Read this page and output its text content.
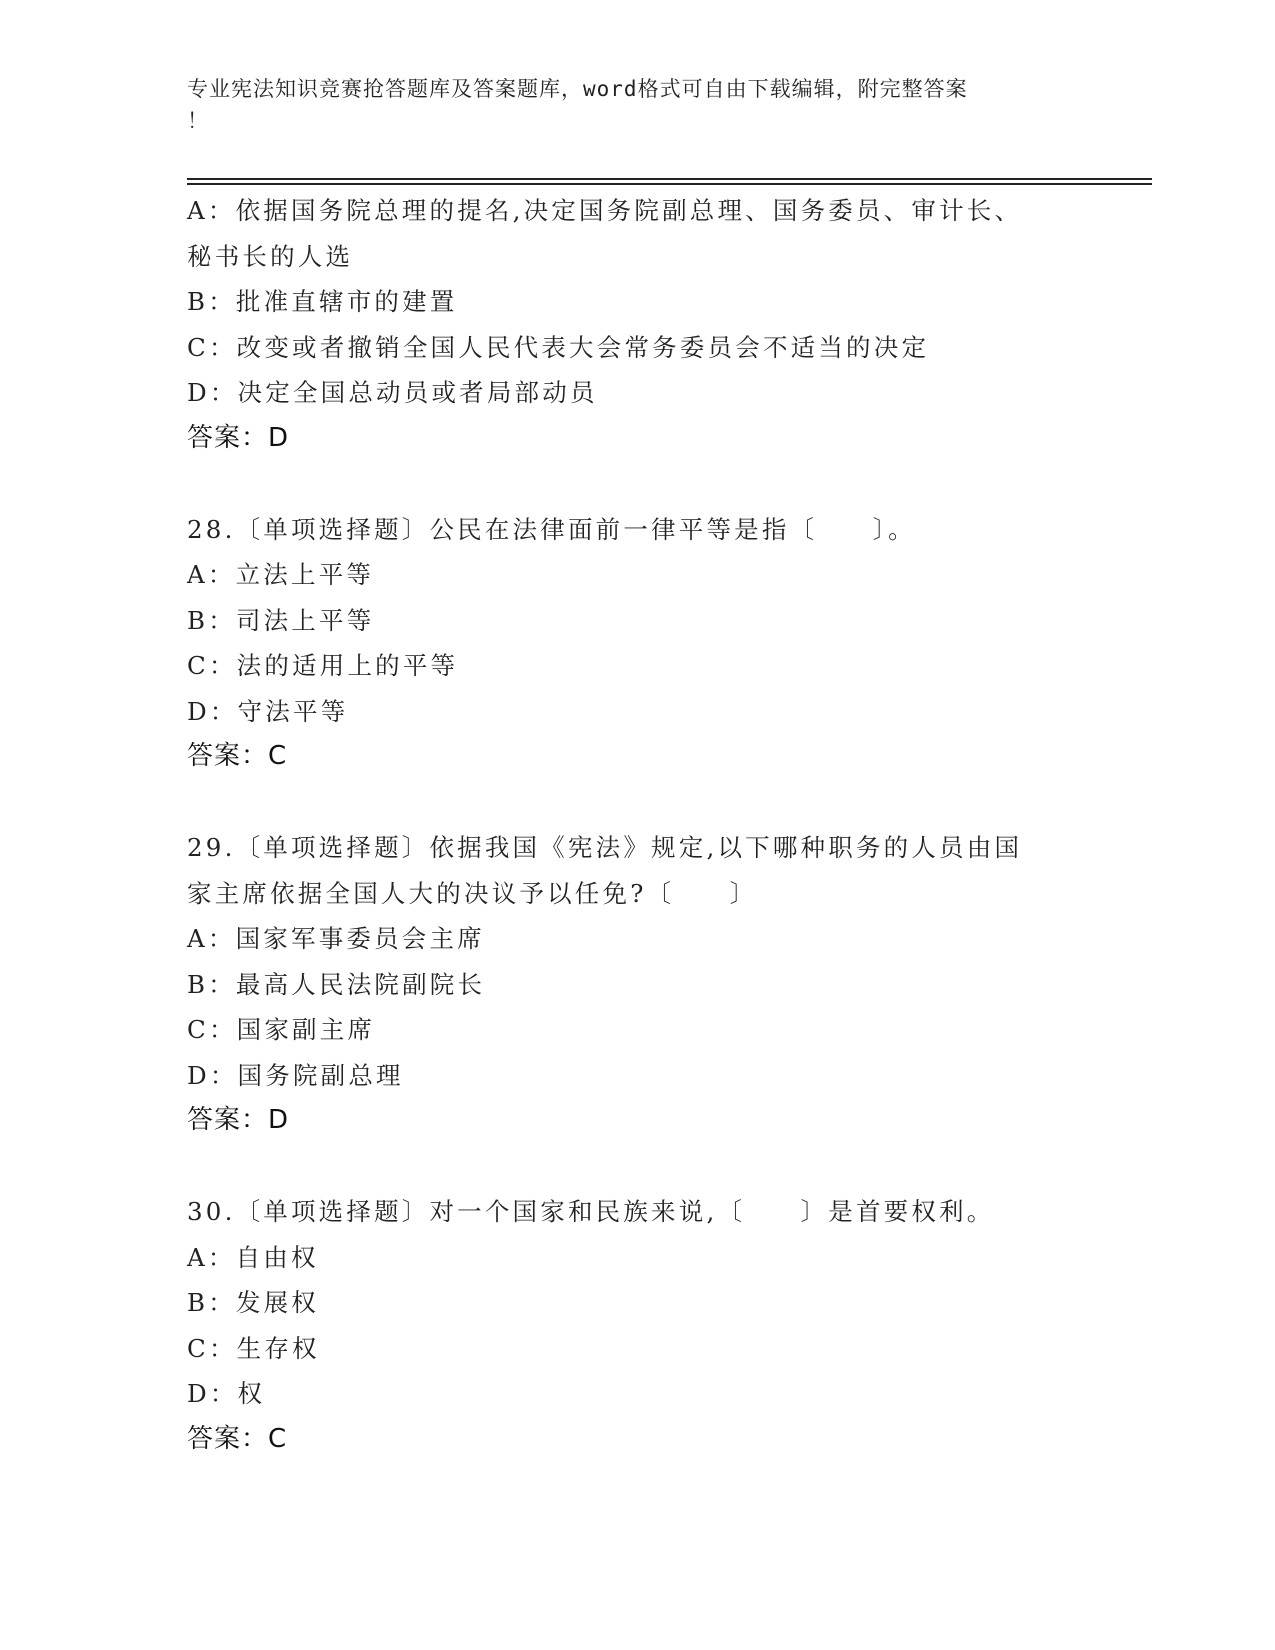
专业宪法知识竞赛抢答题库及答案题库，word格式可自由下载编辑，附完整答案
！
A：依据国务院总理的提名,决定国务院副总理、国务委员、审计长、
秘书长的人选
B：批准直辖市的建置
C：改变或者撤销全国人民代表大会常务委员会不适当的决定
D：决定全国总动员或者局部动员
答案：D
28.〔单项选择题〕公民在法律面前一律平等是指〔　　〕。
A：立法上平等
B：司法上平等
C：法的适用上的平等
D：守法平等
答案：C
29.〔单项选择题〕依据我国《宪法》规定,以下哪种职务的人员由国
家主席依据全国人大的决议予以任免?〔　　〕
A：国家军事委员会主席
B：最高人民法院副院长
C：国家副主席
D：国务院副总理
答案：D
30.〔单项选择题〕对一个国家和民族来说,〔　　〕是首要权利。
A：自由权
B：发展权
C：生存权
D：权
答案：C
